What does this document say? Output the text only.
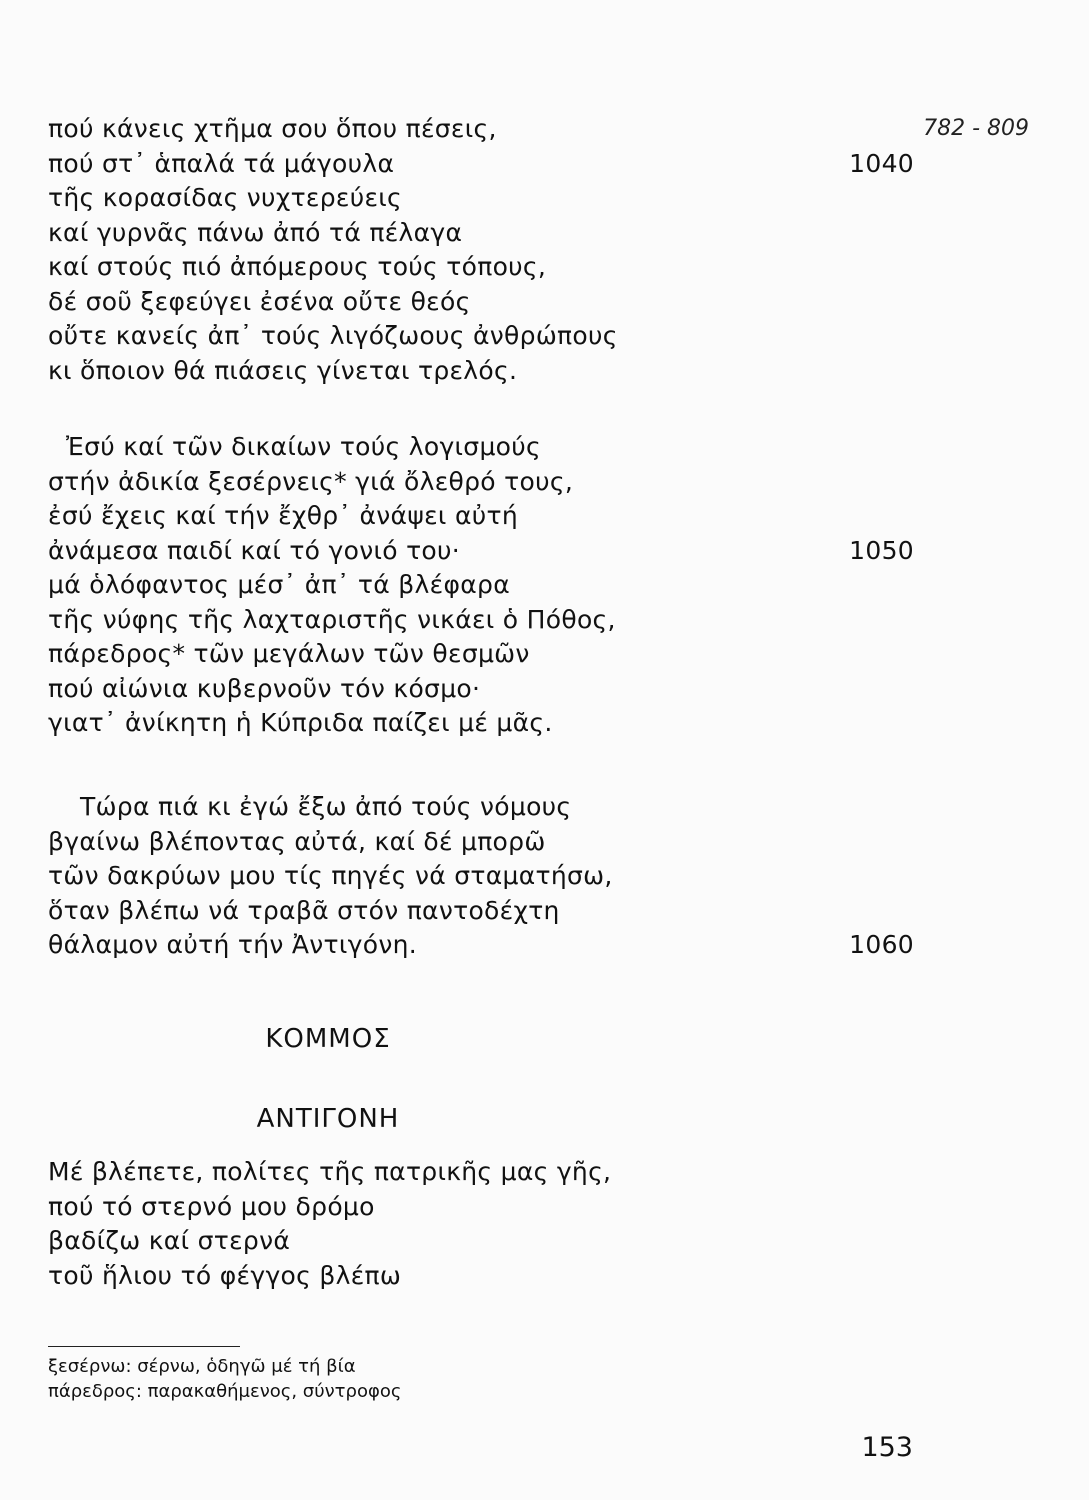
782 - 809
πού κάνεις χτῆμα σου ὅπου πέσεις,
πού στ᾽ ἁπαλά τά μάγουλα	1040
τῆς κορασίδας νυχτερεύεις
καί γυρνᾶς πάνω ἀπό τά πέλαγα
καί στούς πιό ἀπόμερους τούς τόπους,
δέ σοῦ ξεφεύγει ἐσένα οὔτε θεός
οὔτε κανείς ἀπ᾽ τούς λιγόζωους ἀνθρώπους
κι ὅποιον θά πιάσεις γίνεται τρελός.
Ἐσύ καί τῶν δικαίων τούς λογισμούς
στήν ἀδικία ξεσέρνεις* γιά ὄλεθρό τους,
ἐσύ ἔχεις καί τήν ἔχθρ᾽ ἀνάψει αὐτή
ἀνάμεσα παιδί καί τό γονιό του·	1050
μά ὁλόφαντος μέσ᾽ ἀπ᾽ τά βλέφαρα
τῆς νύφης τῆς λαχταριστῆς νικάει ὁ Πόθος,
πάρεδρος* τῶν μεγάλων τῶν θεσμῶν
πού αἰώνια κυβερνοῦν τόν κόσμο·
γιατ᾽ ἀνίκητη ἡ Κύπριδα παίζει μέ μᾶς.
Τώρα πιά κι ἐγώ ἔξω ἀπό τούς νόμους
βγαίνω βλέποντας αὐτά, καί δέ μπορῶ
τῶν δακρύων μου τίς πηγές νά σταματήσω,
ὅταν βλέπω νά τραβᾶ στόν παντοδέχτη
θάλαμον αὐτή τήν Ἀντιγόνη.	1060
ΚΟΜΜΟΣ
ΑΝΤΙΓΟΝΗ
Μέ βλέπετε, πολίτες τῆς πατρικῆς μας γῆς,
πού τό στερνό μου δρόμο
βαδίζω καί στερνά
τοῦ ἥλιου τό φέγγος βλέπω
ξεσέρνω: σέρνω, ὁδηγῶ μέ τή βία
πάρεδρος: παρακαθήμενος, σύντροφος
153
